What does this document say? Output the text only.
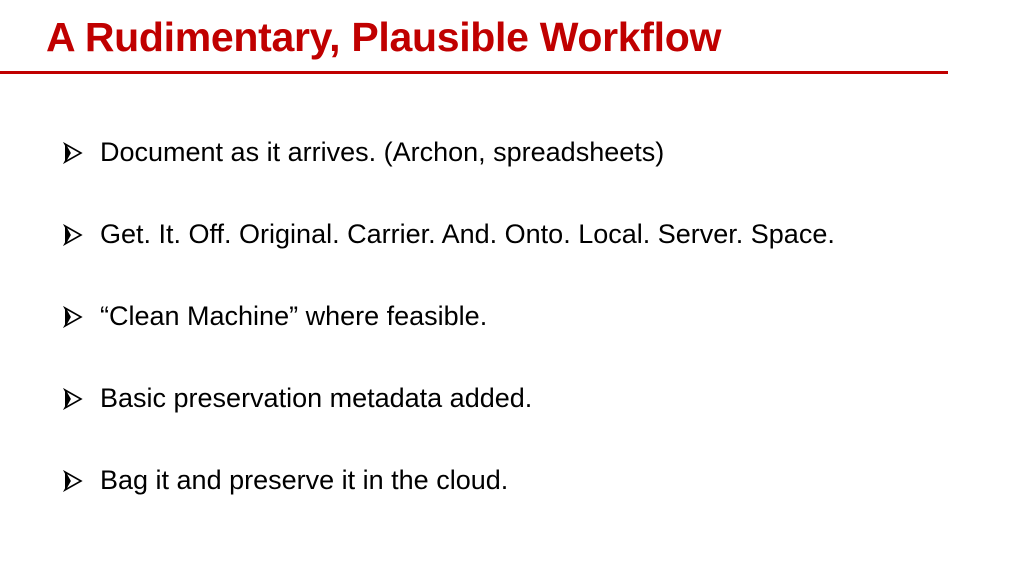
A Rudimentary, Plausible Workflow
Document as it arrives. (Archon, spreadsheets)
Get. It. Off. Original. Carrier. And. Onto. Local. Server. Space.
“Clean Machine” where feasible.
Basic preservation metadata added.
Bag it and preserve it in the cloud.
